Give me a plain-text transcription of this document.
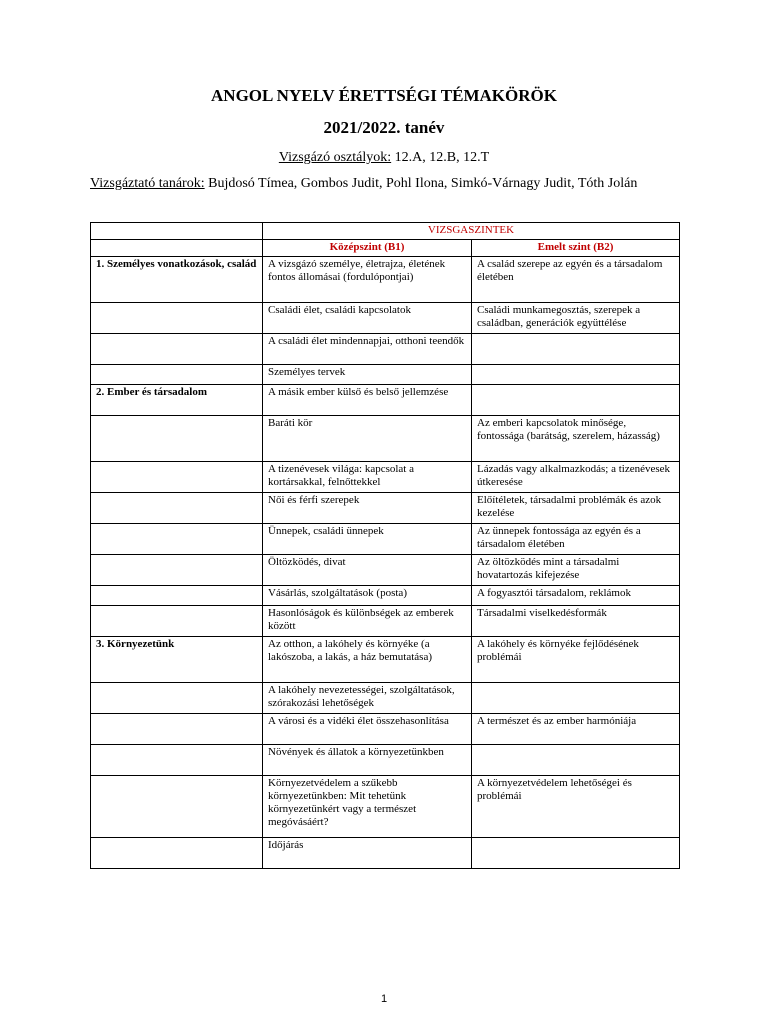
ANGOL NYELV ÉRETTSÉGI TÉMAKÖRÖK
2021/2022. tanév
Vizsgázó osztályok: 12.A, 12.B, 12.T
Vizsgáztató tanárok: Bujdosó Tímea, Gombos Judit, Pohl Ilona, Simkó-Várnagy Judit, Tóth Jolán
	VIZSGASZINTEK	
	Középszint (B1)	Emelt szint (B2)
1. Személyes vonatkozások, család	A vizsgázó személye, életrajza, életének fontos állomásai (fordulópontjai)	A család szerepe az egyén és a társadalom életében
	Családi élet, családi kapcsolatok	Családi munkamegosztás, szerepek a családban, generációk együttélése
	A családi élet mindennapjai, otthoni teendők	
	Személyes tervek	
2. Ember és társadalom	A másik ember külső és belső jellemzése	
	Baráti kör	Az emberi kapcsolatok minősége, fontossága (barátság, szerelem, házasság)
	A tizenévesek világa: kapcsolat a kortársakkal, felnőttekkel	Lázadás vagy alkalmazkodás; a tizenévesek útkeresése
	Női és férfi szerepek	Előítéletek, társadalmi problémák és azok kezelése
	Ünnepek, családi ünnepek	Az ünnepek fontossága az egyén és a társadalom életében
	Öltözködés, divat	Az öltözködés mint a társadalmi hovatartozás kifejezése
	Vásárlás, szolgáltatások (posta)	A fogyasztói társadalom, reklámok
	Hasonlóságok és különbségek az emberek között	Társadalmi viselkedésformák
3. Környezetünk	Az otthon, a lakóhely és környéke (a lakószoba, a lakás, a ház bemutatása)	A lakóhely és környéke fejlődésének problémái
	A lakóhely nevezetességei, szolgáltatások, szórakozási lehetőségek	
	A városi és a vidéki élet összehasonlítása	A természet és az ember harmóniája
	Növények és állatok a környezetünkben	
	Környezetvédelem a szűkebb környezetünkben: Mit tehetünk környezetünkért vagy a természet megóvásáért?	A környezetvédelem lehetőségei és problémái
	Időjárás	
1
